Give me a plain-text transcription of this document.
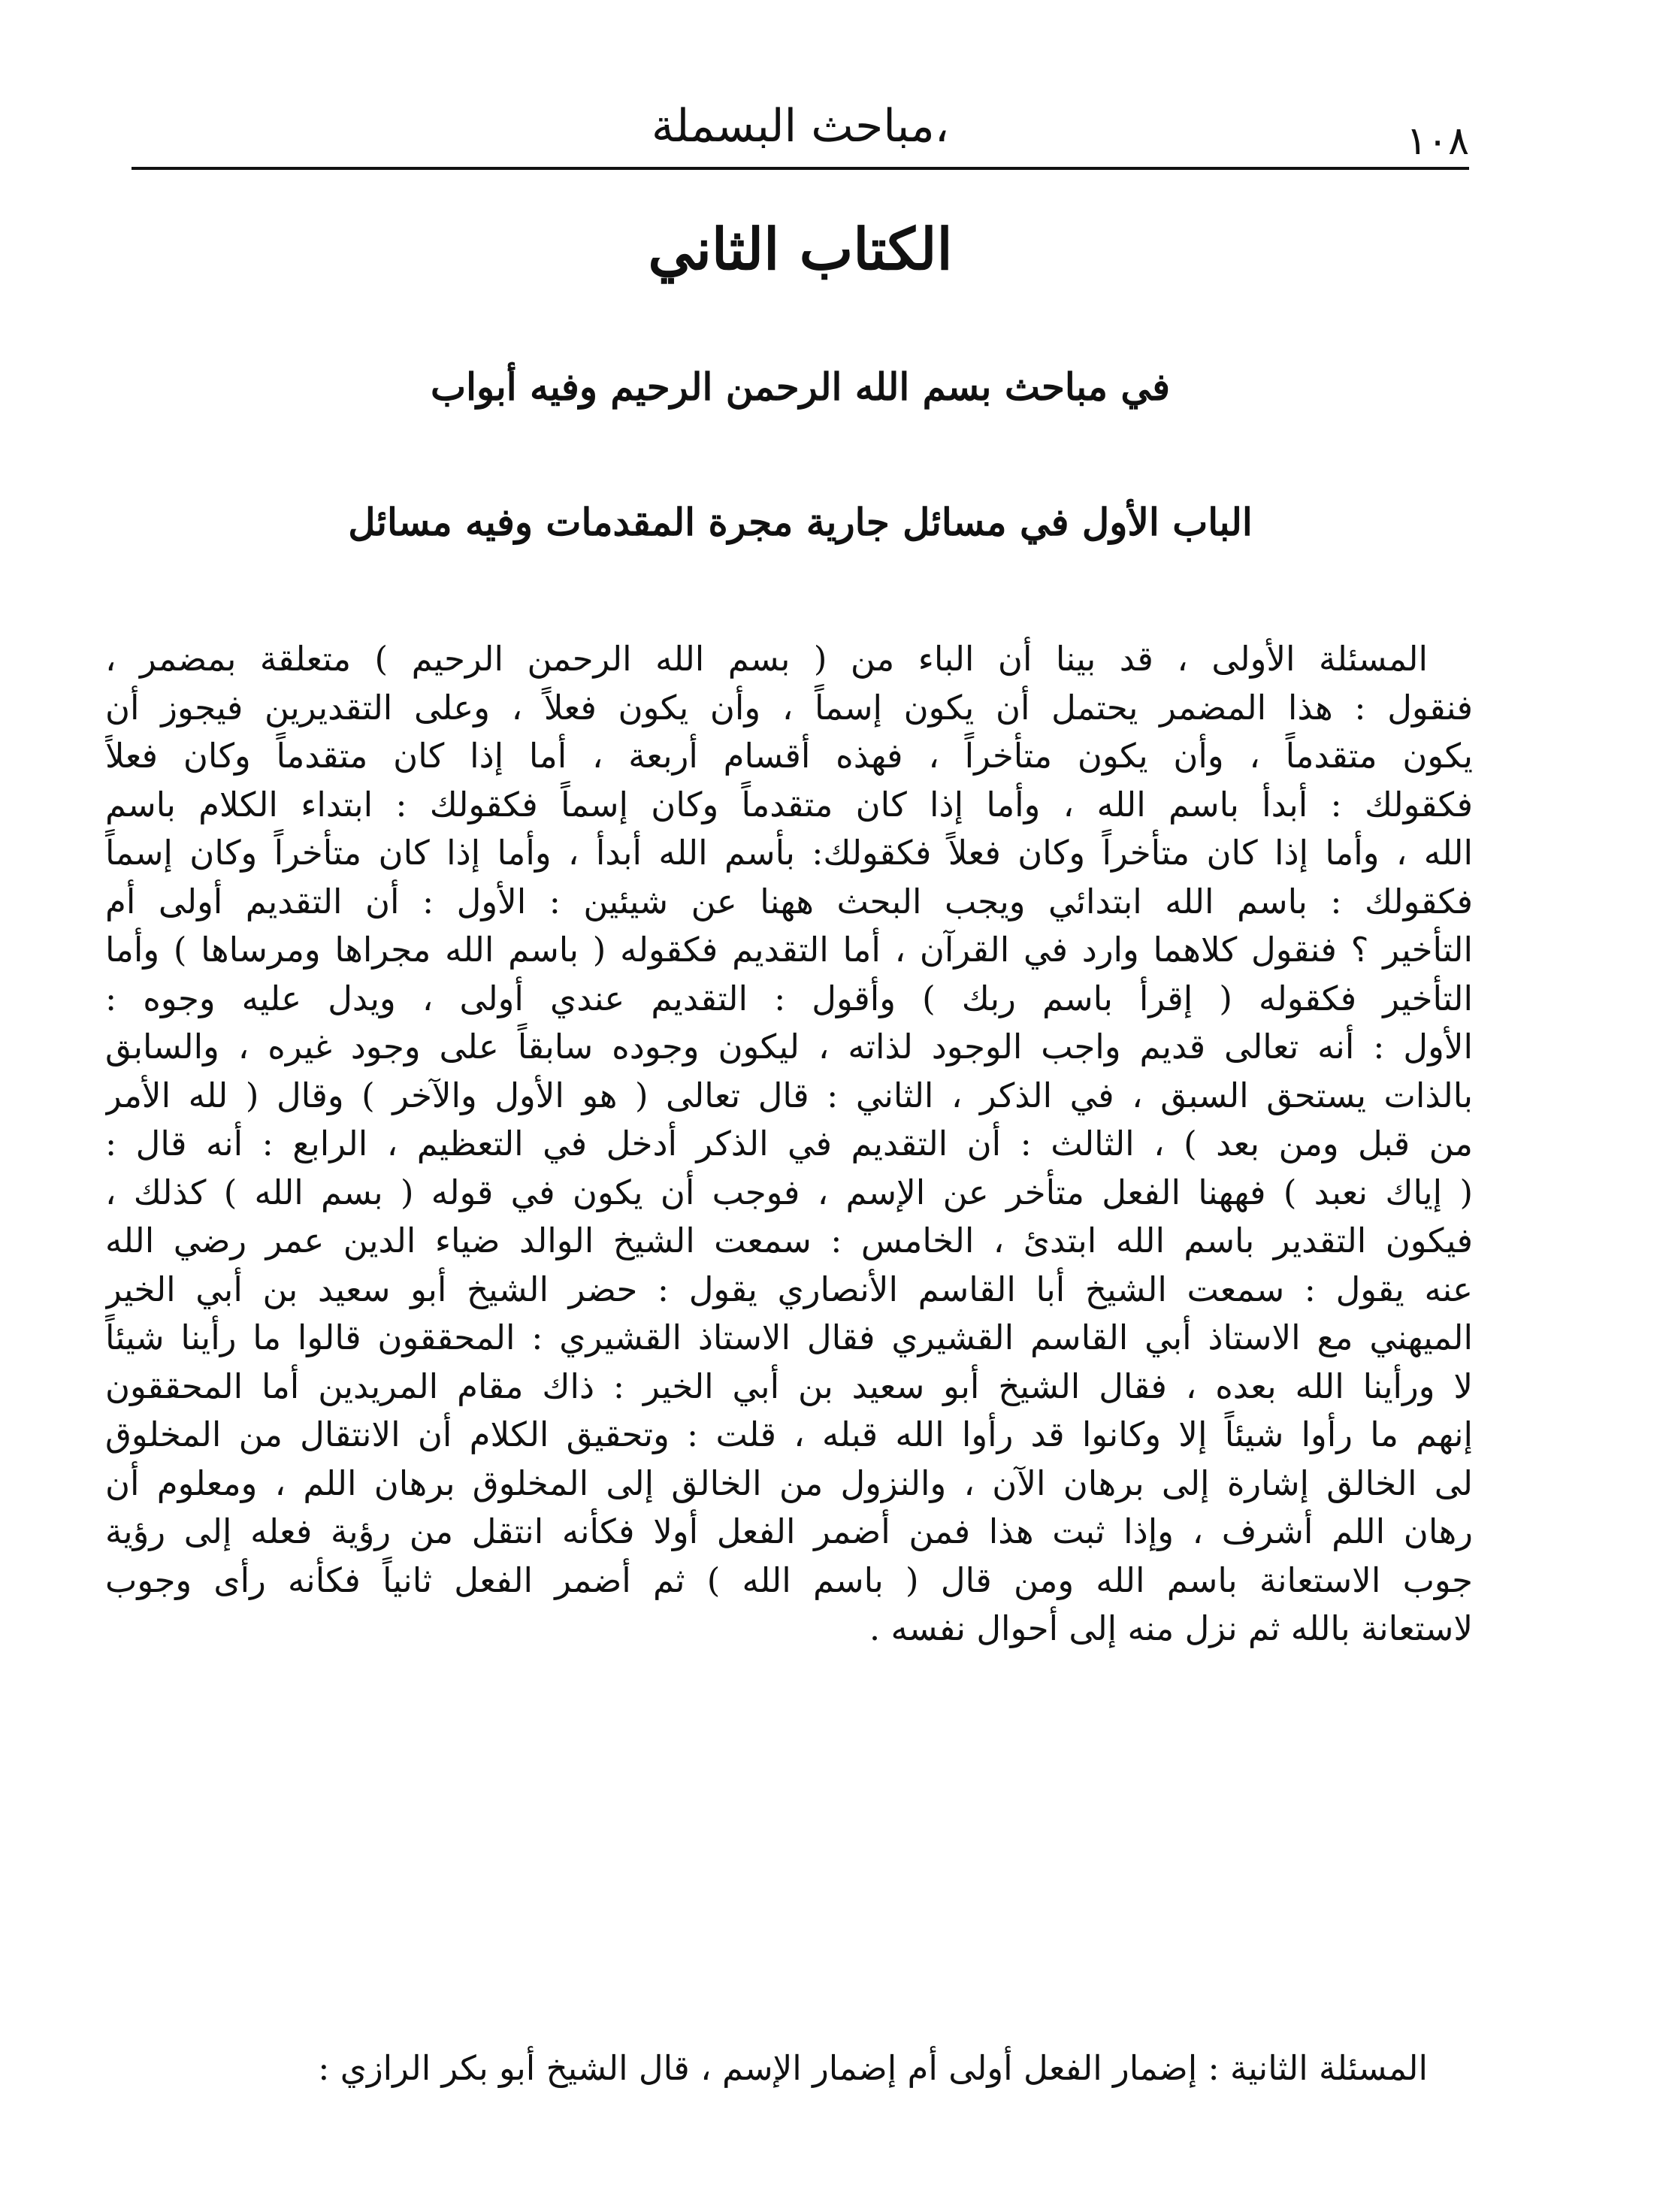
،مباحث البسملة	١٠٨
الكتاب الثاني
في مباحث بسم الله الرحمن الرحيم وفيه أبواب
الباب الأول في مسائل جارية مجرة المقدمات وفيه مسائل
المسئلة الأولى ، قد بينا أن الباء من ( بسم الله الرحمن الرحيم ) متعلقة بمضمر ،
فنقول : هذا المضمر يحتمل أن يكون إسماً ، وأن يكون فعلاً ، وعلى التقديرين فيجوز أن
يكون متقدماً ، وأن يكون متأخراً ، فهذه أقسام أربعة ، أما إذا كان متقدماً وكان فعلاً
فكقولك : أبدأ باسم الله ، وأما إذا كان متقدماً وكان إسماً فكقولك : ابتداء الكلام باسم
الله ، وأما إذا كان متأخراً وكان فعلاً فكقولك: بأسم الله أبدأ ، وأما إذا كان متأخراً وكان إسماً
فكقولك : باسم الله ابتدائي ويجب البحث ههنا عن شيئين : الأول : أن التقديم أولى أم
التأخير ؟ فنقول كلاهما وارد في القرآن ، أما التقديم فكقوله ( باسم الله مجراها ومرساها ) وأما
التأخير فكقوله ( إقرأ باسم ربك ) وأقول : التقديم عندي أولى ، ويدل عليه وجوه :
الأول : أنه تعالى قديم واجب الوجود لذاته ، ليكون وجوده سابقاً على وجود غيره ، والسابق
بالذات يستحق السبق ، في الذكر ، الثاني : قال تعالى ( هو الأول والآخر ) وقال ( لله الأمر
من قبل ومن بعد ) ، الثالث : أن التقديم في الذكر أدخل في التعظيم ، الرابع : أنه قال :
( إياك نعبد ) فههنا الفعل متأخر عن الإسم ، فوجب أن يكون في قوله ( بسم الله ) كذلك ،
فيكون التقدير باسم الله ابتدئ ، الخامس : سمعت الشيخ الوالد ضياء الدين عمر رضي الله
عنه يقول : سمعت الشيخ أبا القاسم الأنصاري يقول : حضر الشيخ أبو سعيد بن أبي الخير
الميهني مع الاستاذ أبي القاسم القشيري فقال الاستاذ القشيري : المحققون قالوا ما رأينا شيئاً
لا ورأينا الله بعده ، فقال الشيخ أبو سعيد بن أبي الخير : ذاك مقام المريدين أما المحققون
إنهم ما رأوا شيئاً إلا وكانوا قد رأوا الله قبله ، قلت : وتحقيق الكلام أن الانتقال من المخلوق
لى الخالق إشارة إلى برهان الآن ، والنزول من الخالق إلى المخلوق برهان اللم ، ومعلوم أن
رهان اللم أشرف ، وإذا ثبت هذا فمن أضمر الفعل أولا فكأنه انتقل من رؤية فعله إلى رؤية
جوب الاستعانة باسم الله ومن قال ( باسم الله ) ثم أضمر الفعل ثانياً فكأنه رأى وجوب
لاستعانة بالله ثم نزل منه إلى أحوال نفسه .
المسئلة الثانية : إضمار الفعل أولى أم إضمار الإسم ، قال الشيخ أبو بكر الرازي :
